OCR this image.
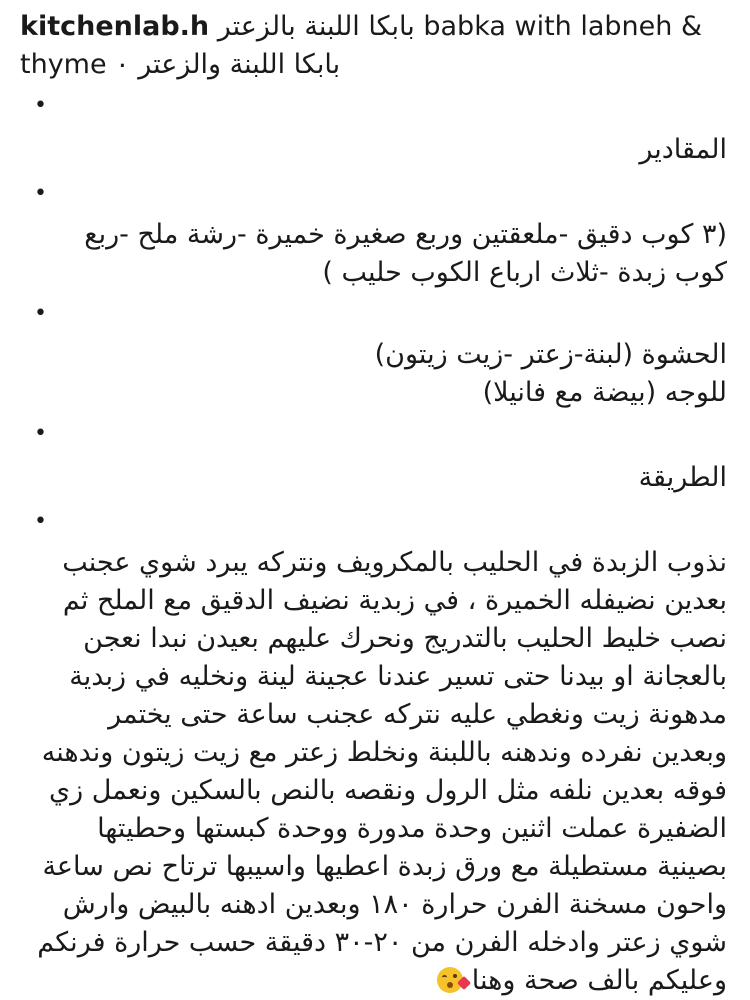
kitchenlab.h بابكا اللبنة بالزعتر babka with labneh &
thyme ۰ بابكا اللبنة والزعتر
•
المقادير
•
(٣ كوب دقيق -ملعقتين وربع صغيرة خميرة -رشة ملح -ربع
كوب زبدة -ثلاث ارباع الكوب حليب )
•
الحشوة (لبنة-زعتر -زيت زيتون)
للوجه (بيضة مع فانيلا)
•
الطريقة
•
نذوب الزبدة في الحليب بالمكرويف ونتركه يبرد شوي عجنب
بعدين نضيفله الخميرة ، في زبدية نضيف الدقيق مع الملح ثم
نصب خليط الحليب بالتدريج ونحرك عليهم بعيدن نبدا نعجن
بالعجانة او بيدنا حتى تسير عندنا عجينة لينة ونخليه في زبدية
مدهونة زيت ونغطي عليه نتركه عجنب ساعة حتى يختمر
وبعدين نفرده وندهنه باللبنة ونخلط زعتر مع زيت زيتون وندهنه
فوقه بعدين نلفه مثل الرول ونقصه بالنص بالسكين ونعمل زي
الضفيرة عملت اثنين وحدة مدورة ووحدة كبستها وحطيتها
بصينية مستطيلة مع ورق زبدة اعطيها واسيبها ترتاح نص ساعة
واحون مسخنة الفرن حرارة ١٨٠ وبعدين ادهنه بالبيض وارش
شوي زعتر وادخله الفرن من ٢٠-٣٠ دقيقة حسب حرارة فرنكم
وعليكم بالف صحة وهنا
